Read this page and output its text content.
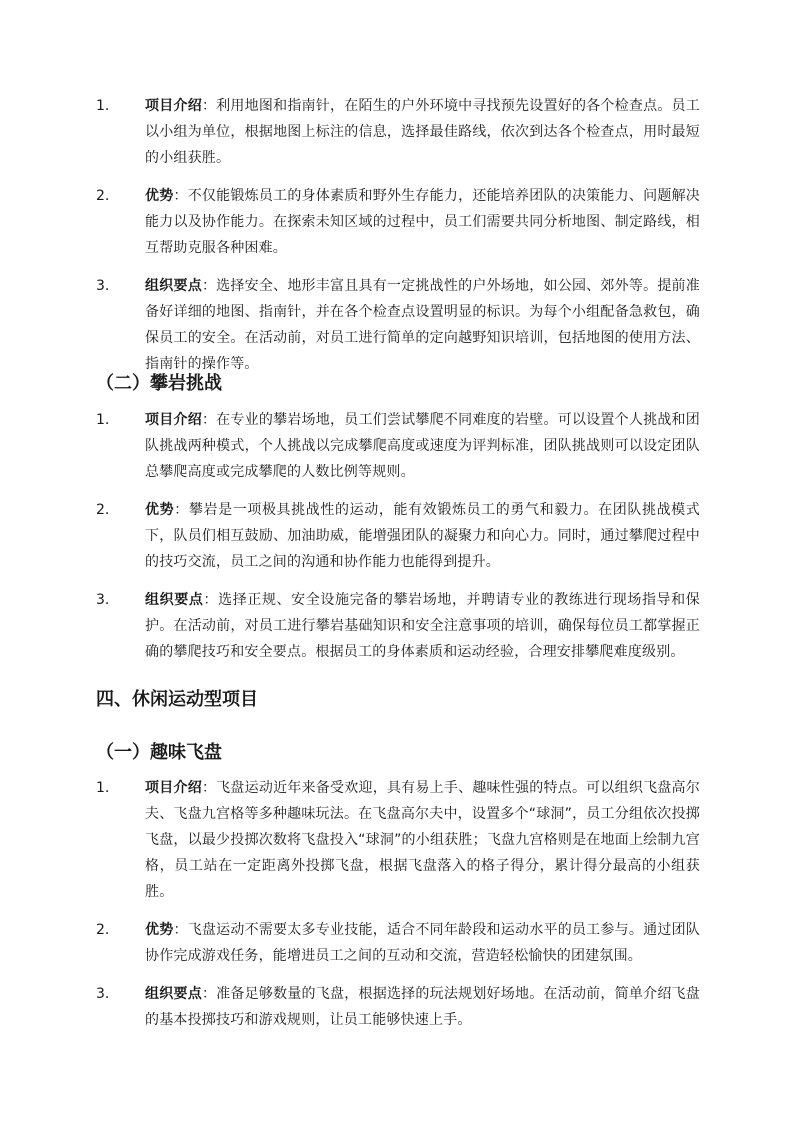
1.	项目介绍：利用地图和指南针，在陌生的户外环境中寻找预先设置好的各个检查点。员工以小组为单位，根据地图上标注的信息，选择最佳路线，依次到达各个检查点，用时最短的小组获胜。
2.	优势：不仅能锻炼员工的身体素质和野外生存能力，还能培养团队的决策能力、问题解决能力以及协作能力。在探索未知区域的过程中，员工们需要共同分析地图、制定路线，相互帮助克服各种困难。
3.	组织要点：选择安全、地形丰富且具有一定挑战性的户外场地，如公园、郊外等。提前准备好详细的地图、指南针，并在各个检查点设置明显的标识。为每个小组配备急救包，确保员工的安全。在活动前，对员工进行简单的定向越野知识培训，包括地图的使用方法、指南针的操作等。
（二）攀岩挑战
1.	项目介绍：在专业的攀岩场地，员工们尝试攀爬不同难度的岩壁。可以设置个人挑战和团队挑战两种模式，个人挑战以完成攀爬高度或速度为评判标准，团队挑战则可以设定团队总攀爬高度或完成攀爬的人数比例等规则。
2.	优势：攀岩是一项极具挑战性的运动，能有效锻炼员工的勇气和毅力。在团队挑战模式下，队员们相互鼓励、加油助威，能增强团队的凝聚力和向心力。同时，通过攀爬过程中的技巧交流，员工之间的沟通和协作能力也能得到提升。
3.	组织要点：选择正规、安全设施完备的攀岩场地，并聘请专业的教练进行现场指导和保护。在活动前，对员工进行攀岩基础知识和安全注意事项的培训，确保每位员工都掌握正确的攀爬技巧和安全要点。根据员工的身体素质和运动经验，合理安排攀爬难度级别。
四、休闲运动型项目
（一）趣味飞盘
1.	项目介绍：飞盘运动近年来备受欢迎，具有易上手、趣味性强的特点。可以组织飞盘高尔夫、飞盘九宫格等多种趣味玩法。在飞盘高尔夫中，设置多个“球洞”，员工分组依次投掷飞盘，以最少投掷次数将飞盘投入“球洞”的小组获胜；飞盘九宫格则是在地面上绘制九宫格，员工站在一定距离外投掷飞盘，根据飞盘落入的格子得分，累计得分最高的小组获胜。
2.	优势：飞盘运动不需要太多专业技能，适合不同年龄段和运动水平的员工参与。通过团队协作完成游戏任务，能增进员工之间的互动和交流，营造轻松愉快的团建氛围。
3.	组织要点：准备足够数量的飞盘，根据选择的玩法规划好场地。在活动前，简单介绍飞盘的基本投掷技巧和游戏规则，让员工能够快速上手。
